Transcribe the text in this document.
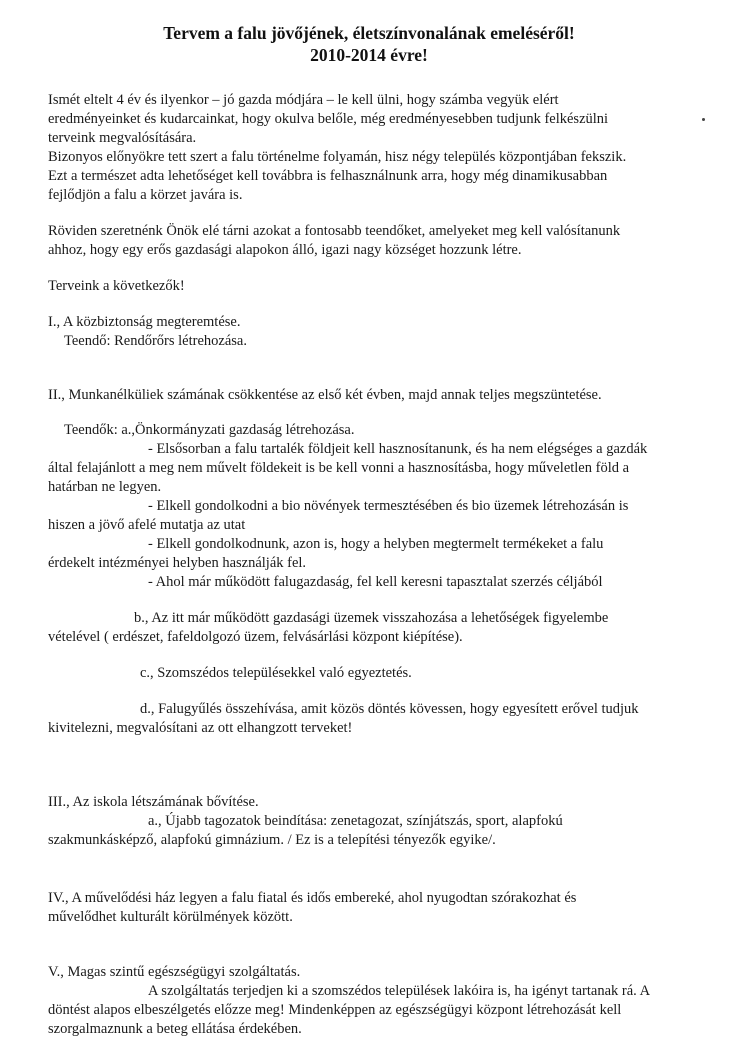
Tervem a falu jövőjének, életszínvonalának emeléséről!
2010-2014 évre!
Ismét eltelt 4 év és ilyenkor – jó gazda módjára – le kell ülni, hogy számba vegyük elért
eredményeinket és kudarcainkat, hogy okulva belőle, még eredményesebben tudjunk felkészülni
terveink megvalósítására.
Bizonyos előnyökre tett szert a falu történelme folyamán, hisz négy település központjában fekszik.
Ezt a természet adta lehetőséget kell továbbra is felhasználnunk arra, hogy még dinamikusabban
fejlődjön a falu a körzet javára is.
Röviden szeretnénk Önök elé tárni azokat a fontosabb teendőket, amelyeket meg kell valósítanunk
ahhoz, hogy egy erős gazdasági alapokon álló, igazi nagy községet hozzunk létre.
Terveink a következők!
I., A közbiztonság megteremtése.
Teendő: Rendőrőrs létrehozása.
II., Munkanélküliek számának csökkentése az első két évben, majd annak teljes megszüntetése.
Teendők: a.,Önkormányzati gazdaság létrehozása.
- Elsősorban a falu tartalék földjeit kell hasznosítanunk, és ha nem elégséges a gazdák
által felajánlott a meg nem művelt földekeit is be kell vonni a hasznosításba, hogy műveletlen föld a
határban ne legyen.
- Elkell gondolkodni a bio növények termesztésében és bio üzemek létrehozásán is
hiszen a jövő afelé mutatja az utat
- Elkell gondolkodnunk, azon is, hogy a helyben megtermelt termékeket a falu
érdekelt intézményei helyben használják fel.
- Ahol már működött falugazdaság, fel kell keresni tapasztalat szerzés céljából
b., Az itt már működött gazdasági üzemek visszahozása a lehetőségek figyelembe
vételével ( erdészet, fafeldolgozó üzem, felvásárlási központ kiépítése).
c., Szomszédos településekkel való egyeztetés.
d., Falugyűlés összehívása, amit közös döntés kövessen, hogy egyesített erővel tudjuk
kivitelezni, megvalósítani az ott elhangzott terveket!
III., Az iskola létszámának bővítése.
a., Újabb tagozatok beindítása: zenetagozat, színjátszás, sport, alapfokú
szakmunkásképző, alapfokú gimnázium. / Ez is a telepítési tényezők egyike/.
IV., A művelődési ház legyen a falu fiatal és idős embereké, ahol nyugodtan szórakozhat és
művelődhet kulturált körülmények között.
V., Magas szintű egészségügyi szolgáltatás.
A szolgáltatás terjedjen ki a szomszédos települések lakóira is, ha igényt tartanak rá. A
döntést alapos elbeszélgetés előzze meg! Mindenképpen az egészségügyi központ létrehozását kell
szorgalmaznunk a beteg ellátása érdekében.
